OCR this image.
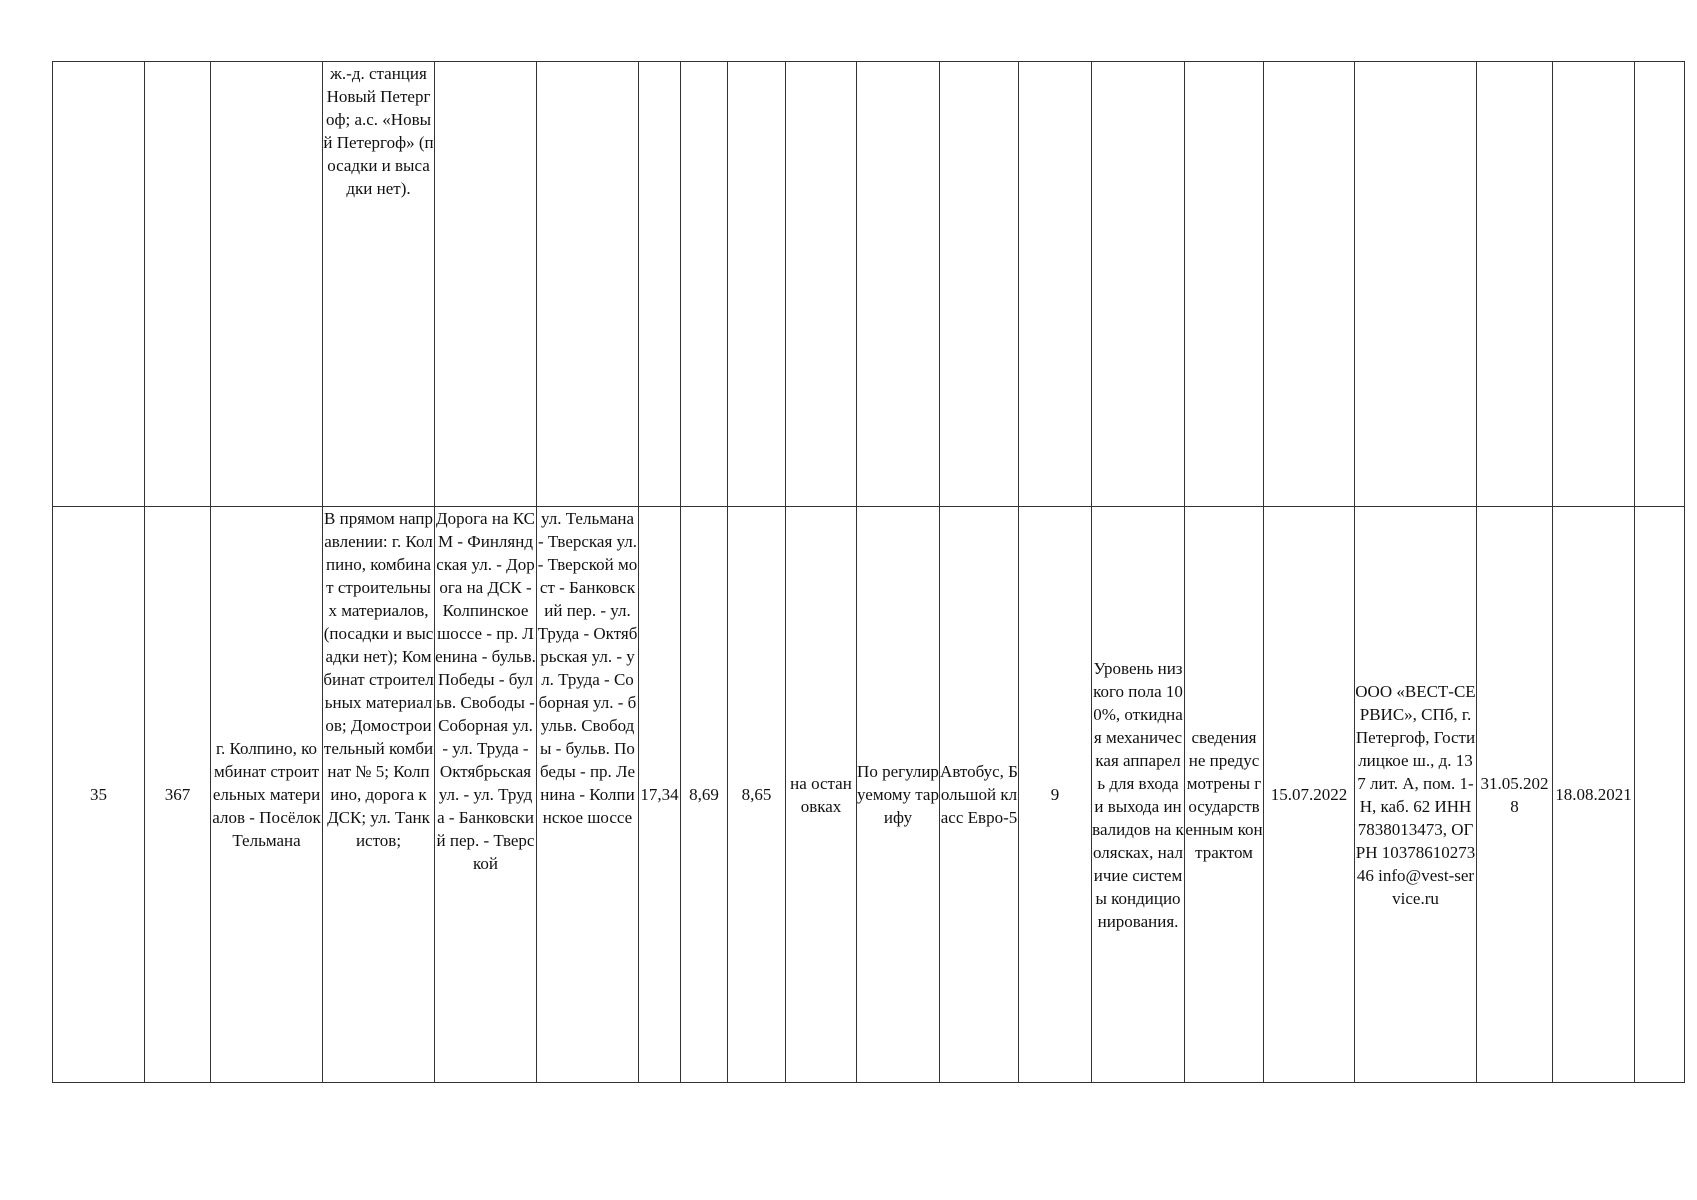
			ж.-д. станция Новый Петергоф; а.с. «Новый Петергоф» (посадки и высадки нет).																

35	367	г. Колпино, комбинат строительных материалов - Посёлок Тельмана	В прямом направлении: г. Колпино, комбинат строительных материалов, (посадки и высадки нет); Комбинат строительных материалов; Домостроительный комбинат № 5; Колпино, дорога к ДСК; ул. Танкистов;	Дорога на КСМ - Финляндская ул. - Дорога на ДСК - Колпинское шоссе - пр. Ленина - бульв. Победы - бульв. Свободы - Соборная ул. - ул. Труда - Октябрьская ул. - ул. Труда - Банковский пер. - Тверской	ул. Тельмана - Тверская ул. - Тверской мост - Банковский пер. - ул. Труда - Октябрьская ул. - ул. Труда - Соборная ул. - бульв. Свободы - бульв. Победы - пр. Ленина - Колпинское шоссе	17,34	8,69	8,65	на остановках	По регулируемому тарифу	Автобус, Большой класс Евро-5	9	Уровень низкого пола 100%, откидная механическая аппарель для входа и выхода инвалидов на колясках, наличие системы кондиционирования.	сведения не предусмотрены государственным контрактом	15.07.2022	ООО «ВЕСТ-СЕРВИС», СПб, г. Петергоф, Гостилицкое ш., д. 137 лит. А, пом. 1-Н, каб. 62 ИНН 7838013473, ОГРН 1037861027346 info@vest-service.ru	31.05.2028	18.08.2021	
